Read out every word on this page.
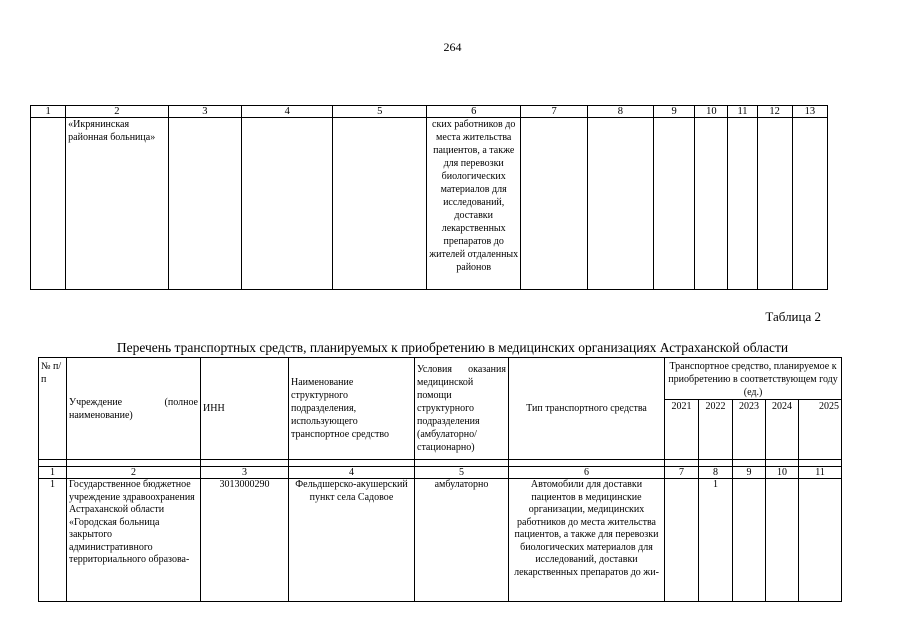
264
1	2	3	4	5	6	7	8	9	10	11	12	13
	«Икрянинская районная больница»				ских работников до места жительства пациентов, а также для перевозки биологических материалов для исследований, доставки лекарственных препаратов до жителей отдаленных районов							
Таблица 2
Перечень транспортных средств, планируемых к приобретению в медицинских организациях Астраханской области
№ п/п	Учреждение (полное наименование)	ИНН	Наименование структурного подразделения, использующего транспортное средство	Условия оказания медицинской помощи структурного подразделения (амбулаторно/стационарно)	Тип транспортного средства	Транспортное средство, планируемое к приобретению в соответствующем году (ед.)				
						2021	2022	2023	2024	2025

1	2	3	4	5	6	7	8	9	10	11
1	Государственное бюджетное учреждение здравоохранения Астраханской области «Городская больница закрытого административного территориального образова-	3013000290	Фельдшерско-акушерский пункт села Садовое	амбулаторно	Автомобили для доставки пациентов в медицинские организации, медицинских работников до места жительства пациентов, а также для перевозки биологических материалов для исследований, доставки лекарственных препаратов до жи-		1			
